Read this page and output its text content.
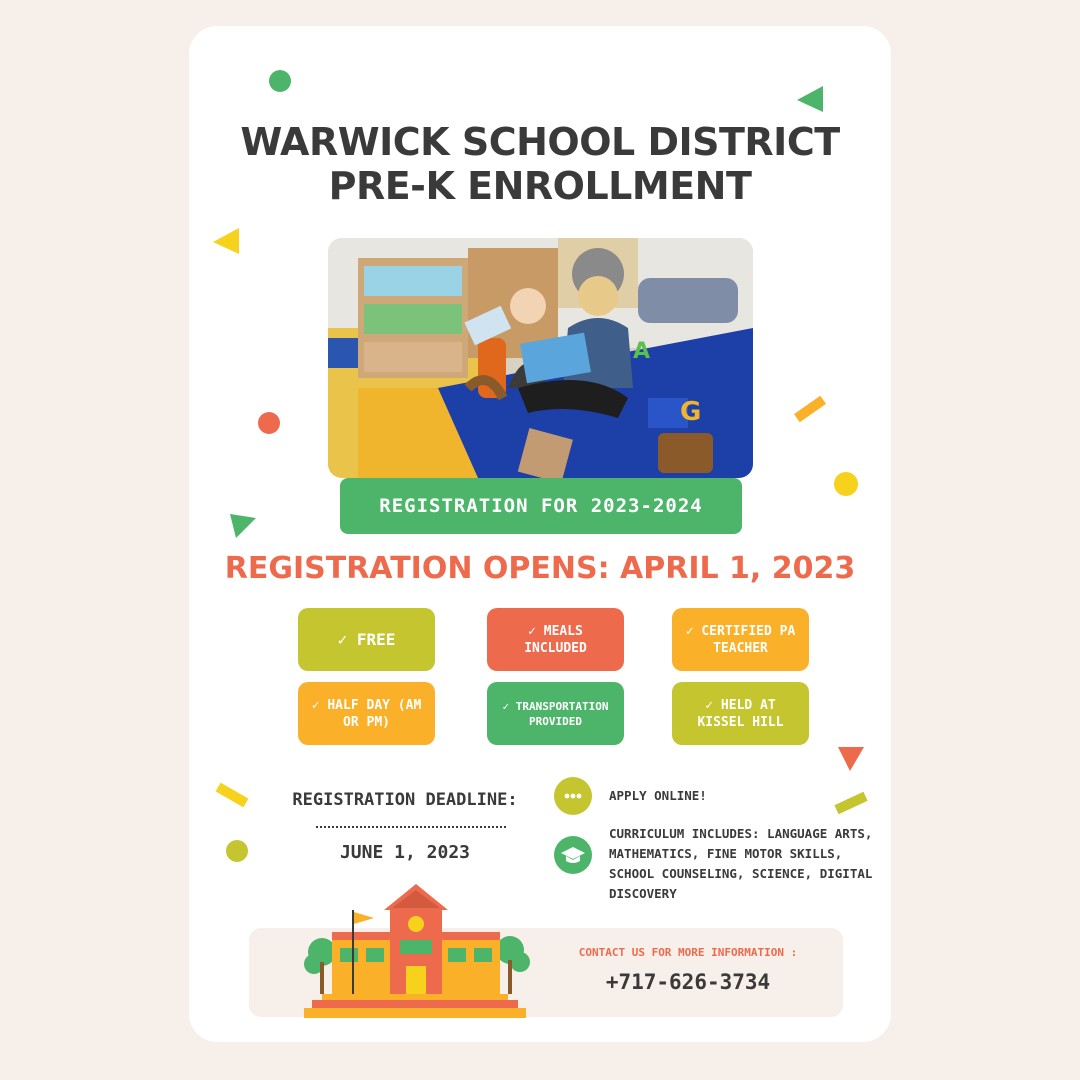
WARWICK SCHOOL DISTRICT
PRE-K ENROLLMENT
G
A
REGISTRATION FOR 2023-2024
REGISTRATION OPENS: APRIL 1, 2023
✓ FREE	✓ MEALS INCLUDED
✓ CERTIFIED PA TEACHER
✓ HALF DAY (AM OR PM)
✓ TRANSPORTATION PROVIDED
✓ HELD AT KISSEL HILL
REGISTRATION DEADLINE:
JUNE 1, 2023
APPLY ONLINE!
CURRICULUM INCLUDES: LANGUAGE ARTS, MATHEMATICS, FINE MOTOR SKILLS, SCHOOL COUNSELING, SCIENCE, DIGITAL DISCOVERY
CONTACT US FOR MORE INFORMATION :
+717-626-3734
